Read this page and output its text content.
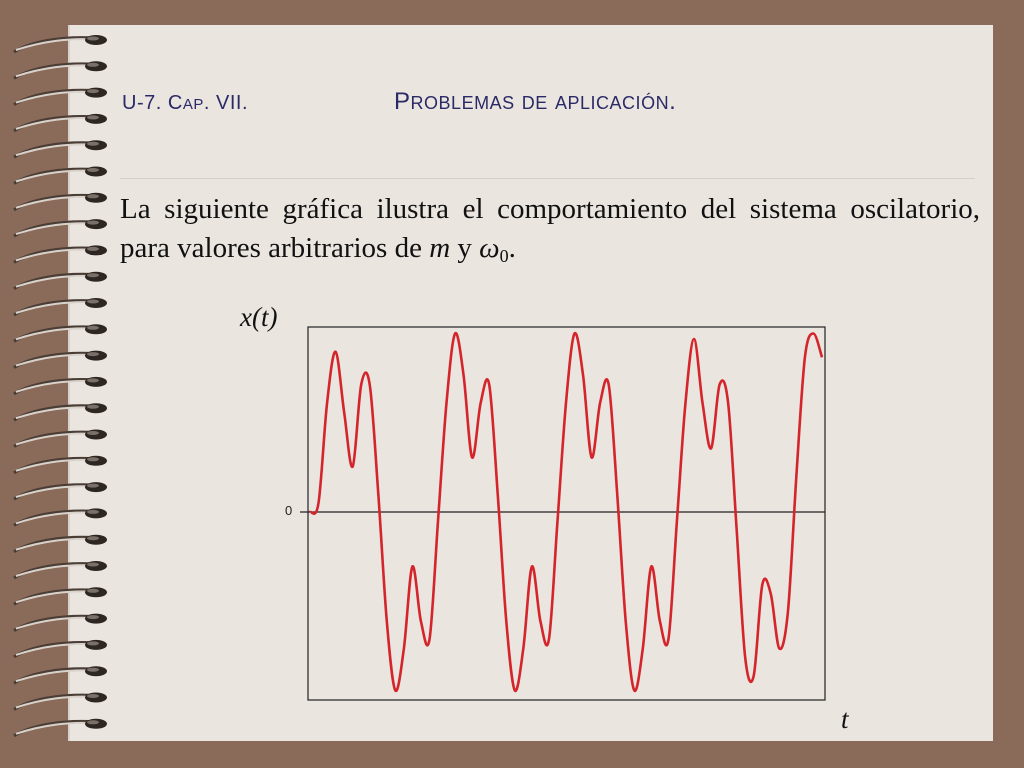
U-7. CAP. VII.	PROBLEMAS DE APLICACIÓN.
La siguiente gráfica ilustra el comportamiento del sistema oscilatorio, para valores arbitrarios de m y $\omega_0$.
x(t)
t
0
